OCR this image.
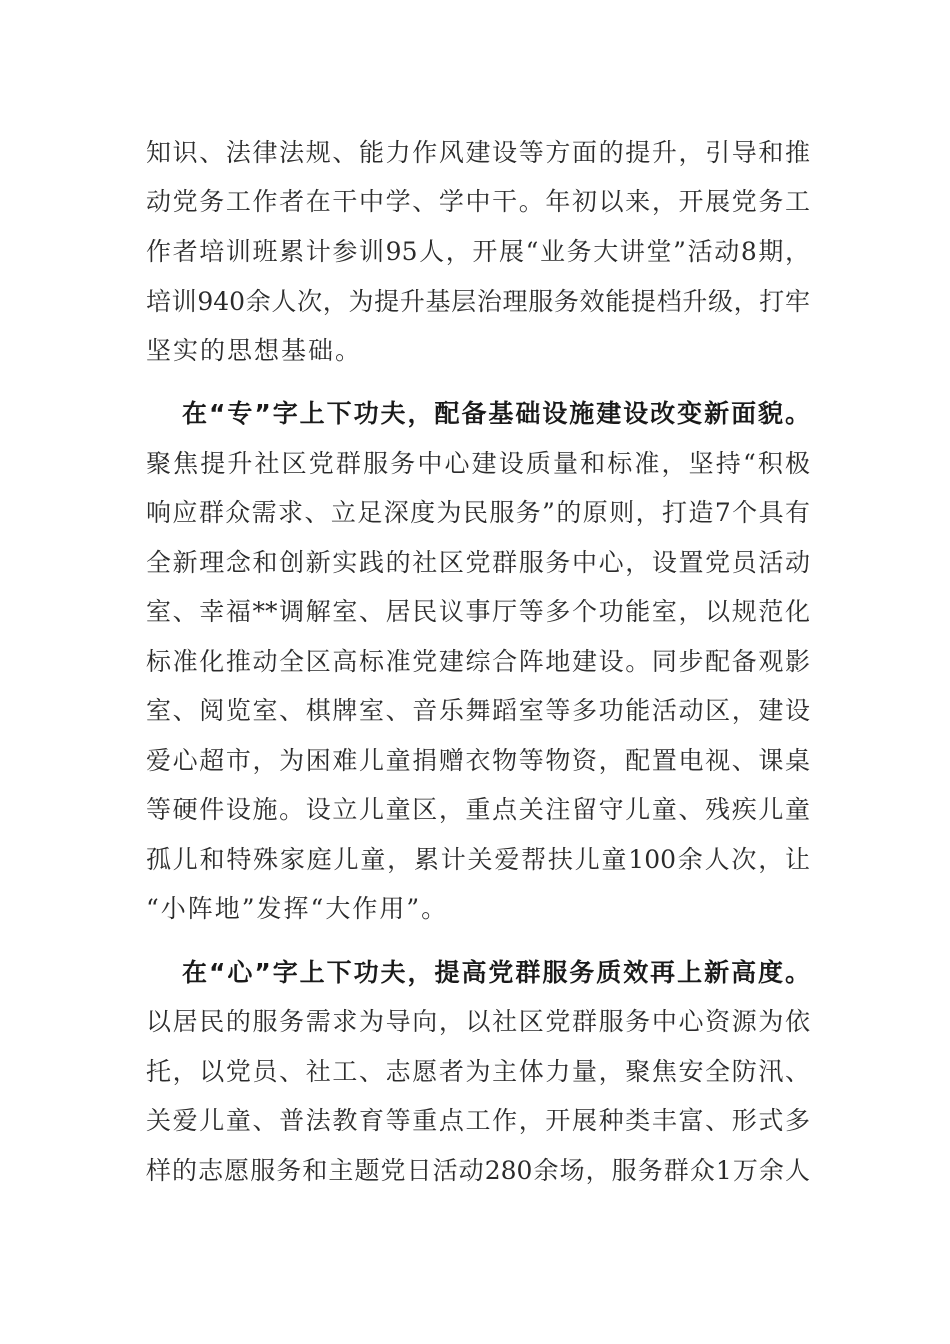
知识、法律法规、能力作风建设等方面的提升，引导和推
动党务工作者在干中学、学中干。年初以来，开展党务工
作者培训班累计参训95人，开展“业务大讲堂”活动8期，
培训940余人次，为提升基层治理服务效能提档升级，打牢
坚实的思想基础。
在“专”字上下功夫，配备基础设施建设改变新面貌。
聚焦提升社区党群服务中心建设质量和标准，坚持“积极
响应群众需求、立足深度为民服务”的原则，打造7个具有
全新理念和创新实践的社区党群服务中心，设置党员活动
室、幸福**调解室、居民议事厅等多个功能室，以规范化
标准化推动全区高标准党建综合阵地建设。同步配备观影
室、阅览室、棋牌室、音乐舞蹈室等多功能活动区，建设
爱心超市，为困难儿童捐赠衣物等物资，配置电视、课桌
等硬件设施。设立儿童区，重点关注留守儿童、残疾儿童
孤儿和特殊家庭儿童，累计关爱帮扶儿童100余人次，让
“小阵地”发挥“大作用”。
在“心”字上下功夫，提高党群服务质效再上新高度。
以居民的服务需求为导向，以社区党群服务中心资源为依
托，以党员、社工、志愿者为主体力量，聚焦安全防汛、
关爱儿童、普法教育等重点工作，开展种类丰富、形式多
样的志愿服务和主题党日活动280余场，服务群众1万余人
